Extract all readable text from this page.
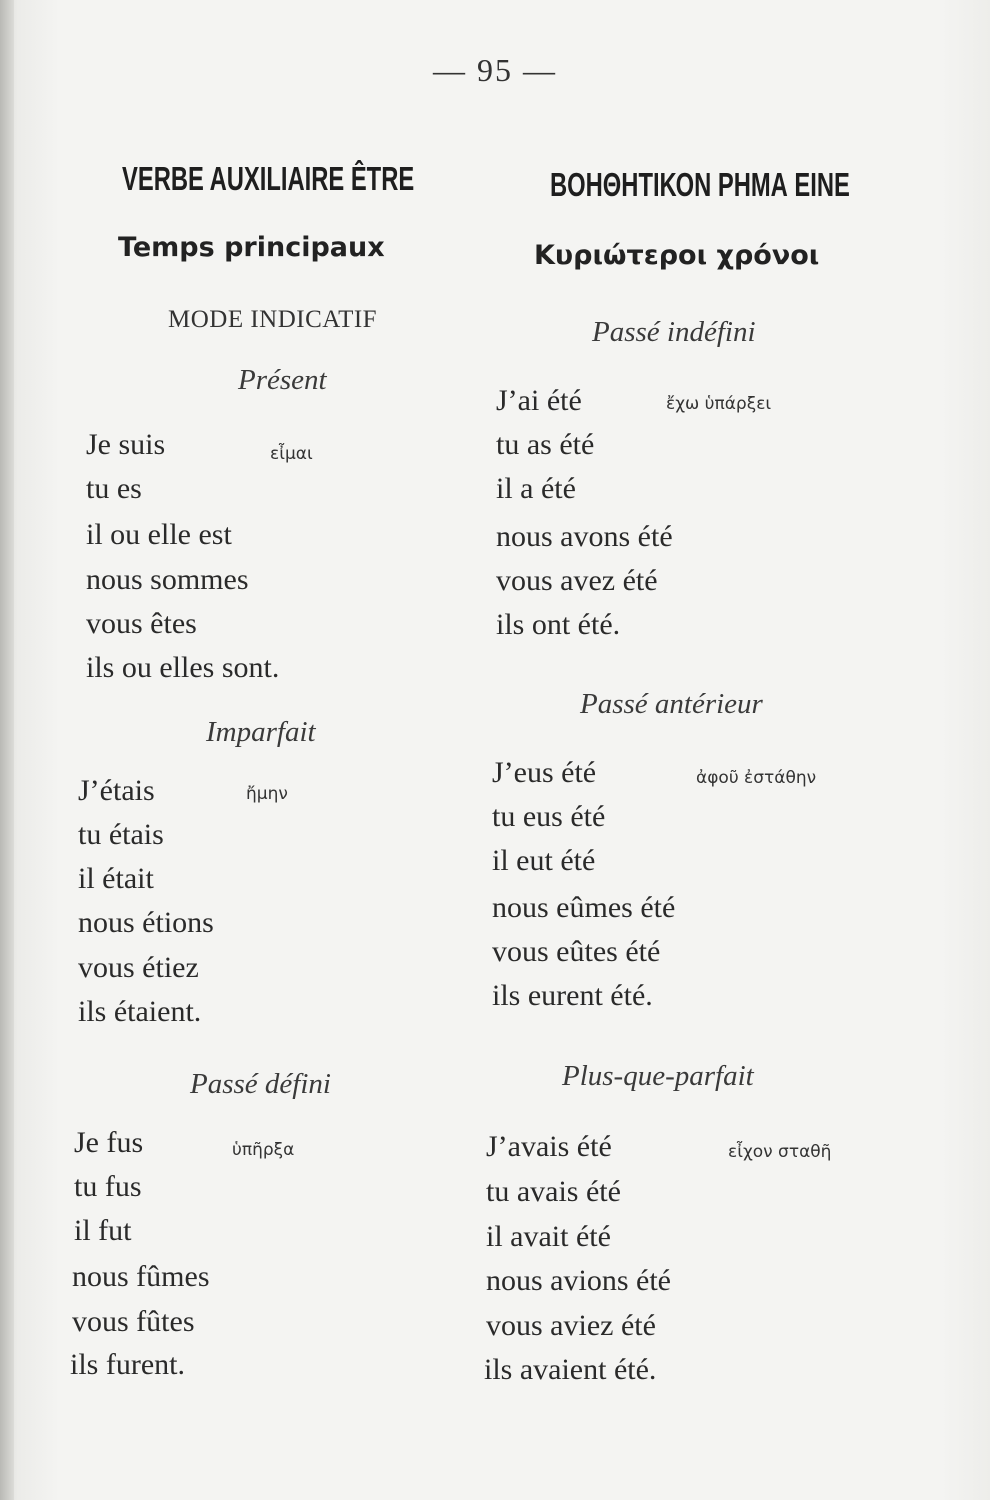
— 95 —
VERBE AUXILIAIRE ÊTRE
Temps principaux
MODE INDICATIF
Présent
Je suis	εἶμαι
tu es
il ou elle est
nous sommes
vous êtes
ils ou elles sont.
Imparfait
J’étais	ἤμην
tu étais
il était
nous étions
vous étiez
ils étaient.
Passé défini
Je fus	ὑπῆρξα
tu fus
il fut
nous fûmes
vous fûtes
ils furent.
ΒΟΗΘΗΤΙΚΟΝ ΡΗΜΑ ΕΙΝΕ
Κυριώτεροι χρόνοι
Passé indéfini
J’ai été	ἔχω ὑπάρξει
tu as été
il a été
nous avons été
vous avez été
ils ont été.
Passé antérieur
J’eus été	ἀφοῦ ἐστάθην
tu eus été
il eut été
nous eûmes été
vous eûtes été
ils eurent été.
Plus-que-parfait
J’avais été	εἶχον σταθῆ
tu avais été
il avait été
nous avions été
vous aviez été
ils avaient été.
